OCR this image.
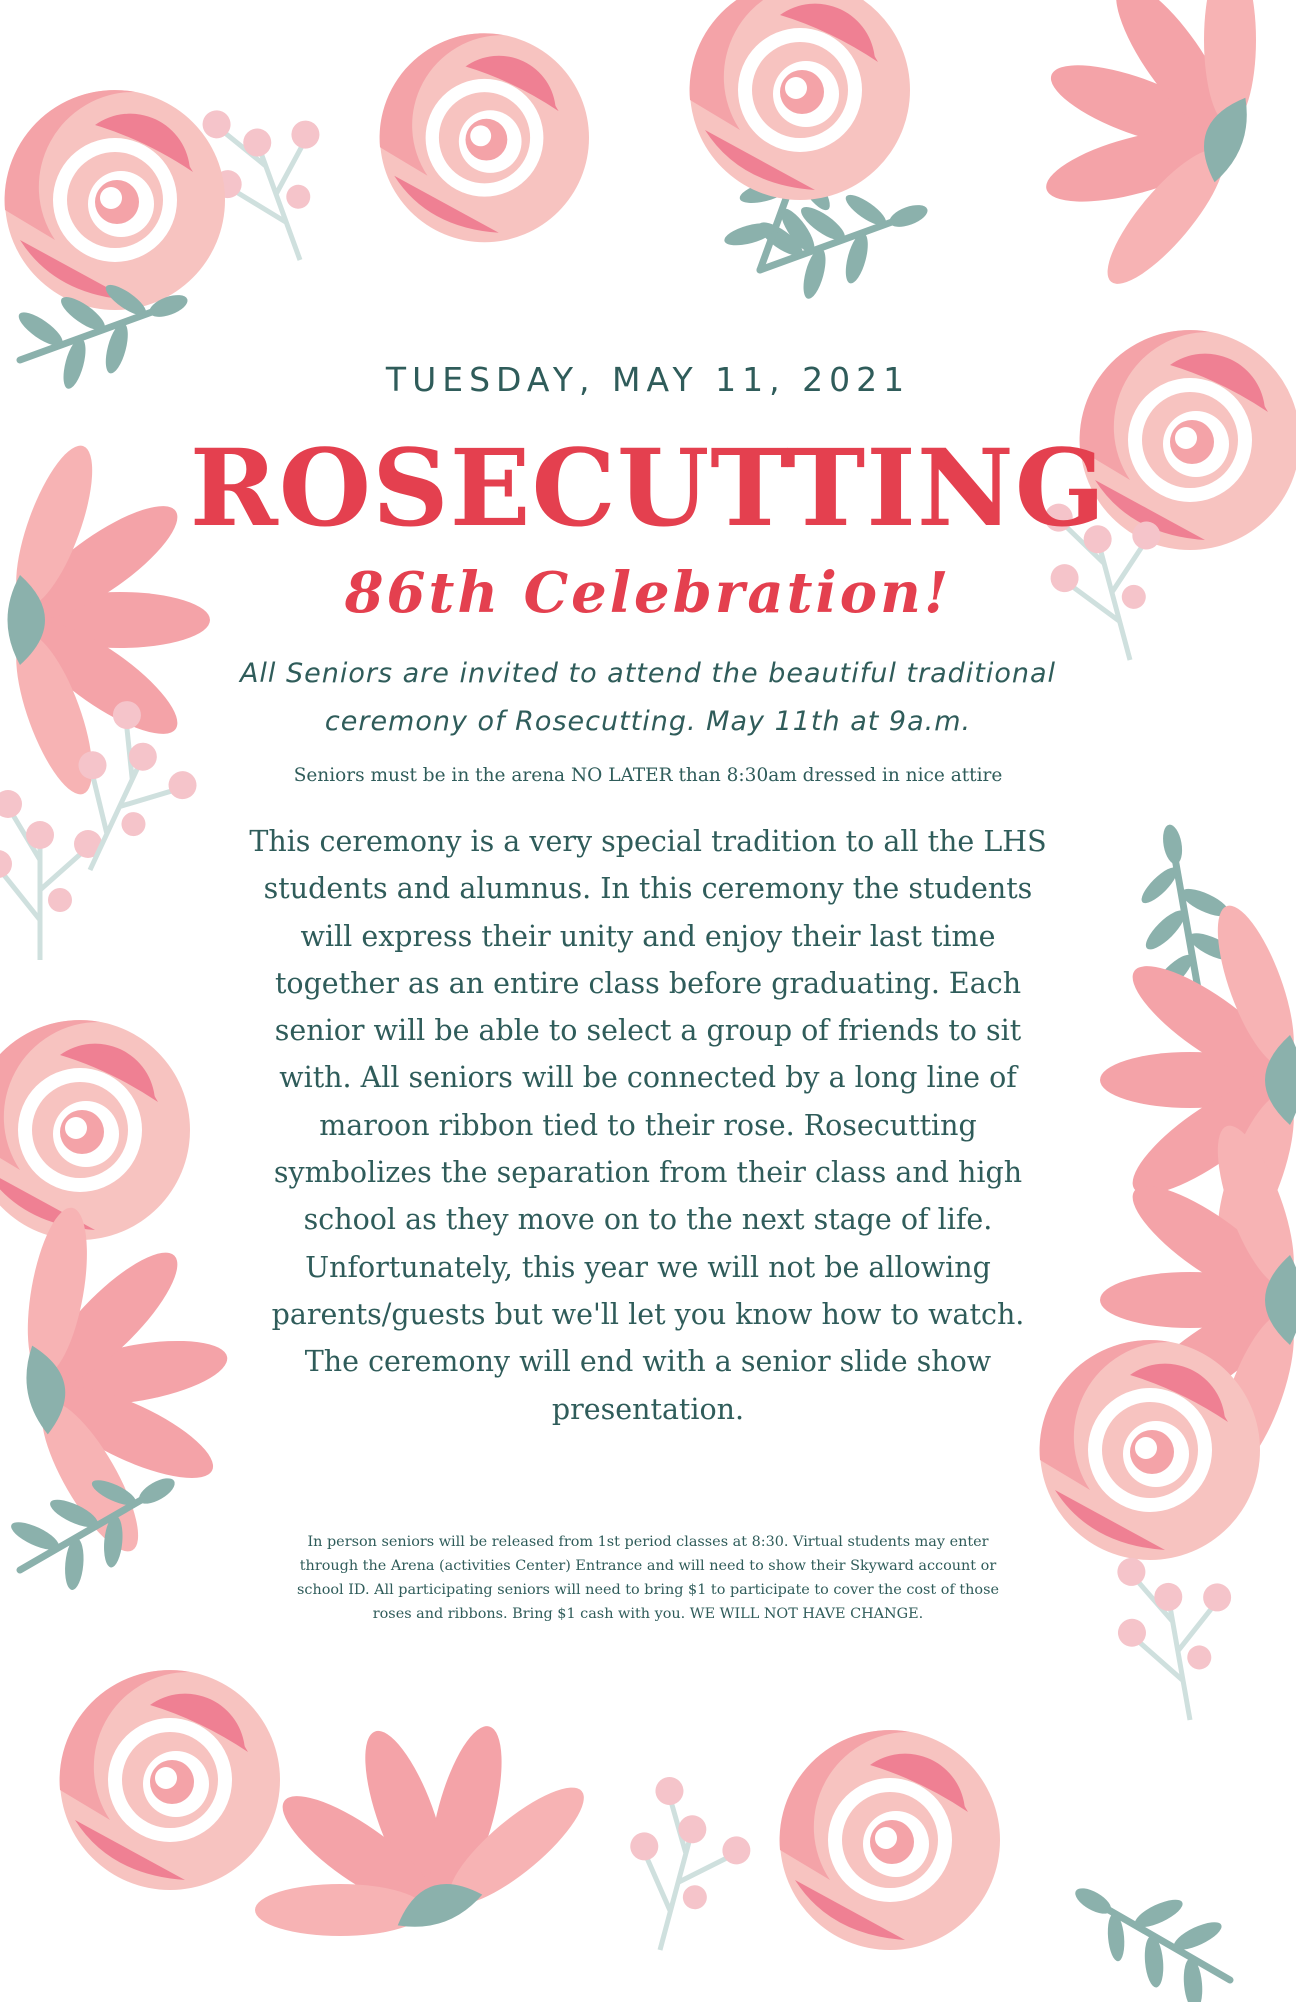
TUESDAY, MAY 11, 2021
ROSECUTTING
86th Celebration!
All Seniors are invited to attend the beautiful traditional ceremony of Rosecutting. May 11th at 9a.m.
Seniors must be in the arena NO LATER than 8:30am dressed in nice attire
This ceremony is a very special tradition to all the LHS students and alumnus. In this ceremony the students will express their unity and enjoy their last time together as an entire class before graduating. Each senior will be able to select a group of friends to sit with. All seniors will be connected by a long line of maroon ribbon tied to their rose. Rosecutting symbolizes the separation from their class and high school as they move on to the next stage of life. Unfortunately, this year we will not be allowing parents/guests but we'll let you know how to watch. The ceremony will end with a senior slide show presentation.
In person seniors will be released from 1st period classes at 8:30. Virtual students may enter through the Arena (activities Center) Entrance and will need to show their Skyward account or school ID. All participating seniors will need to bring $1 to participate to cover the cost of those roses and ribbons. Bring $1 cash with you. WE WILL NOT HAVE CHANGE.
